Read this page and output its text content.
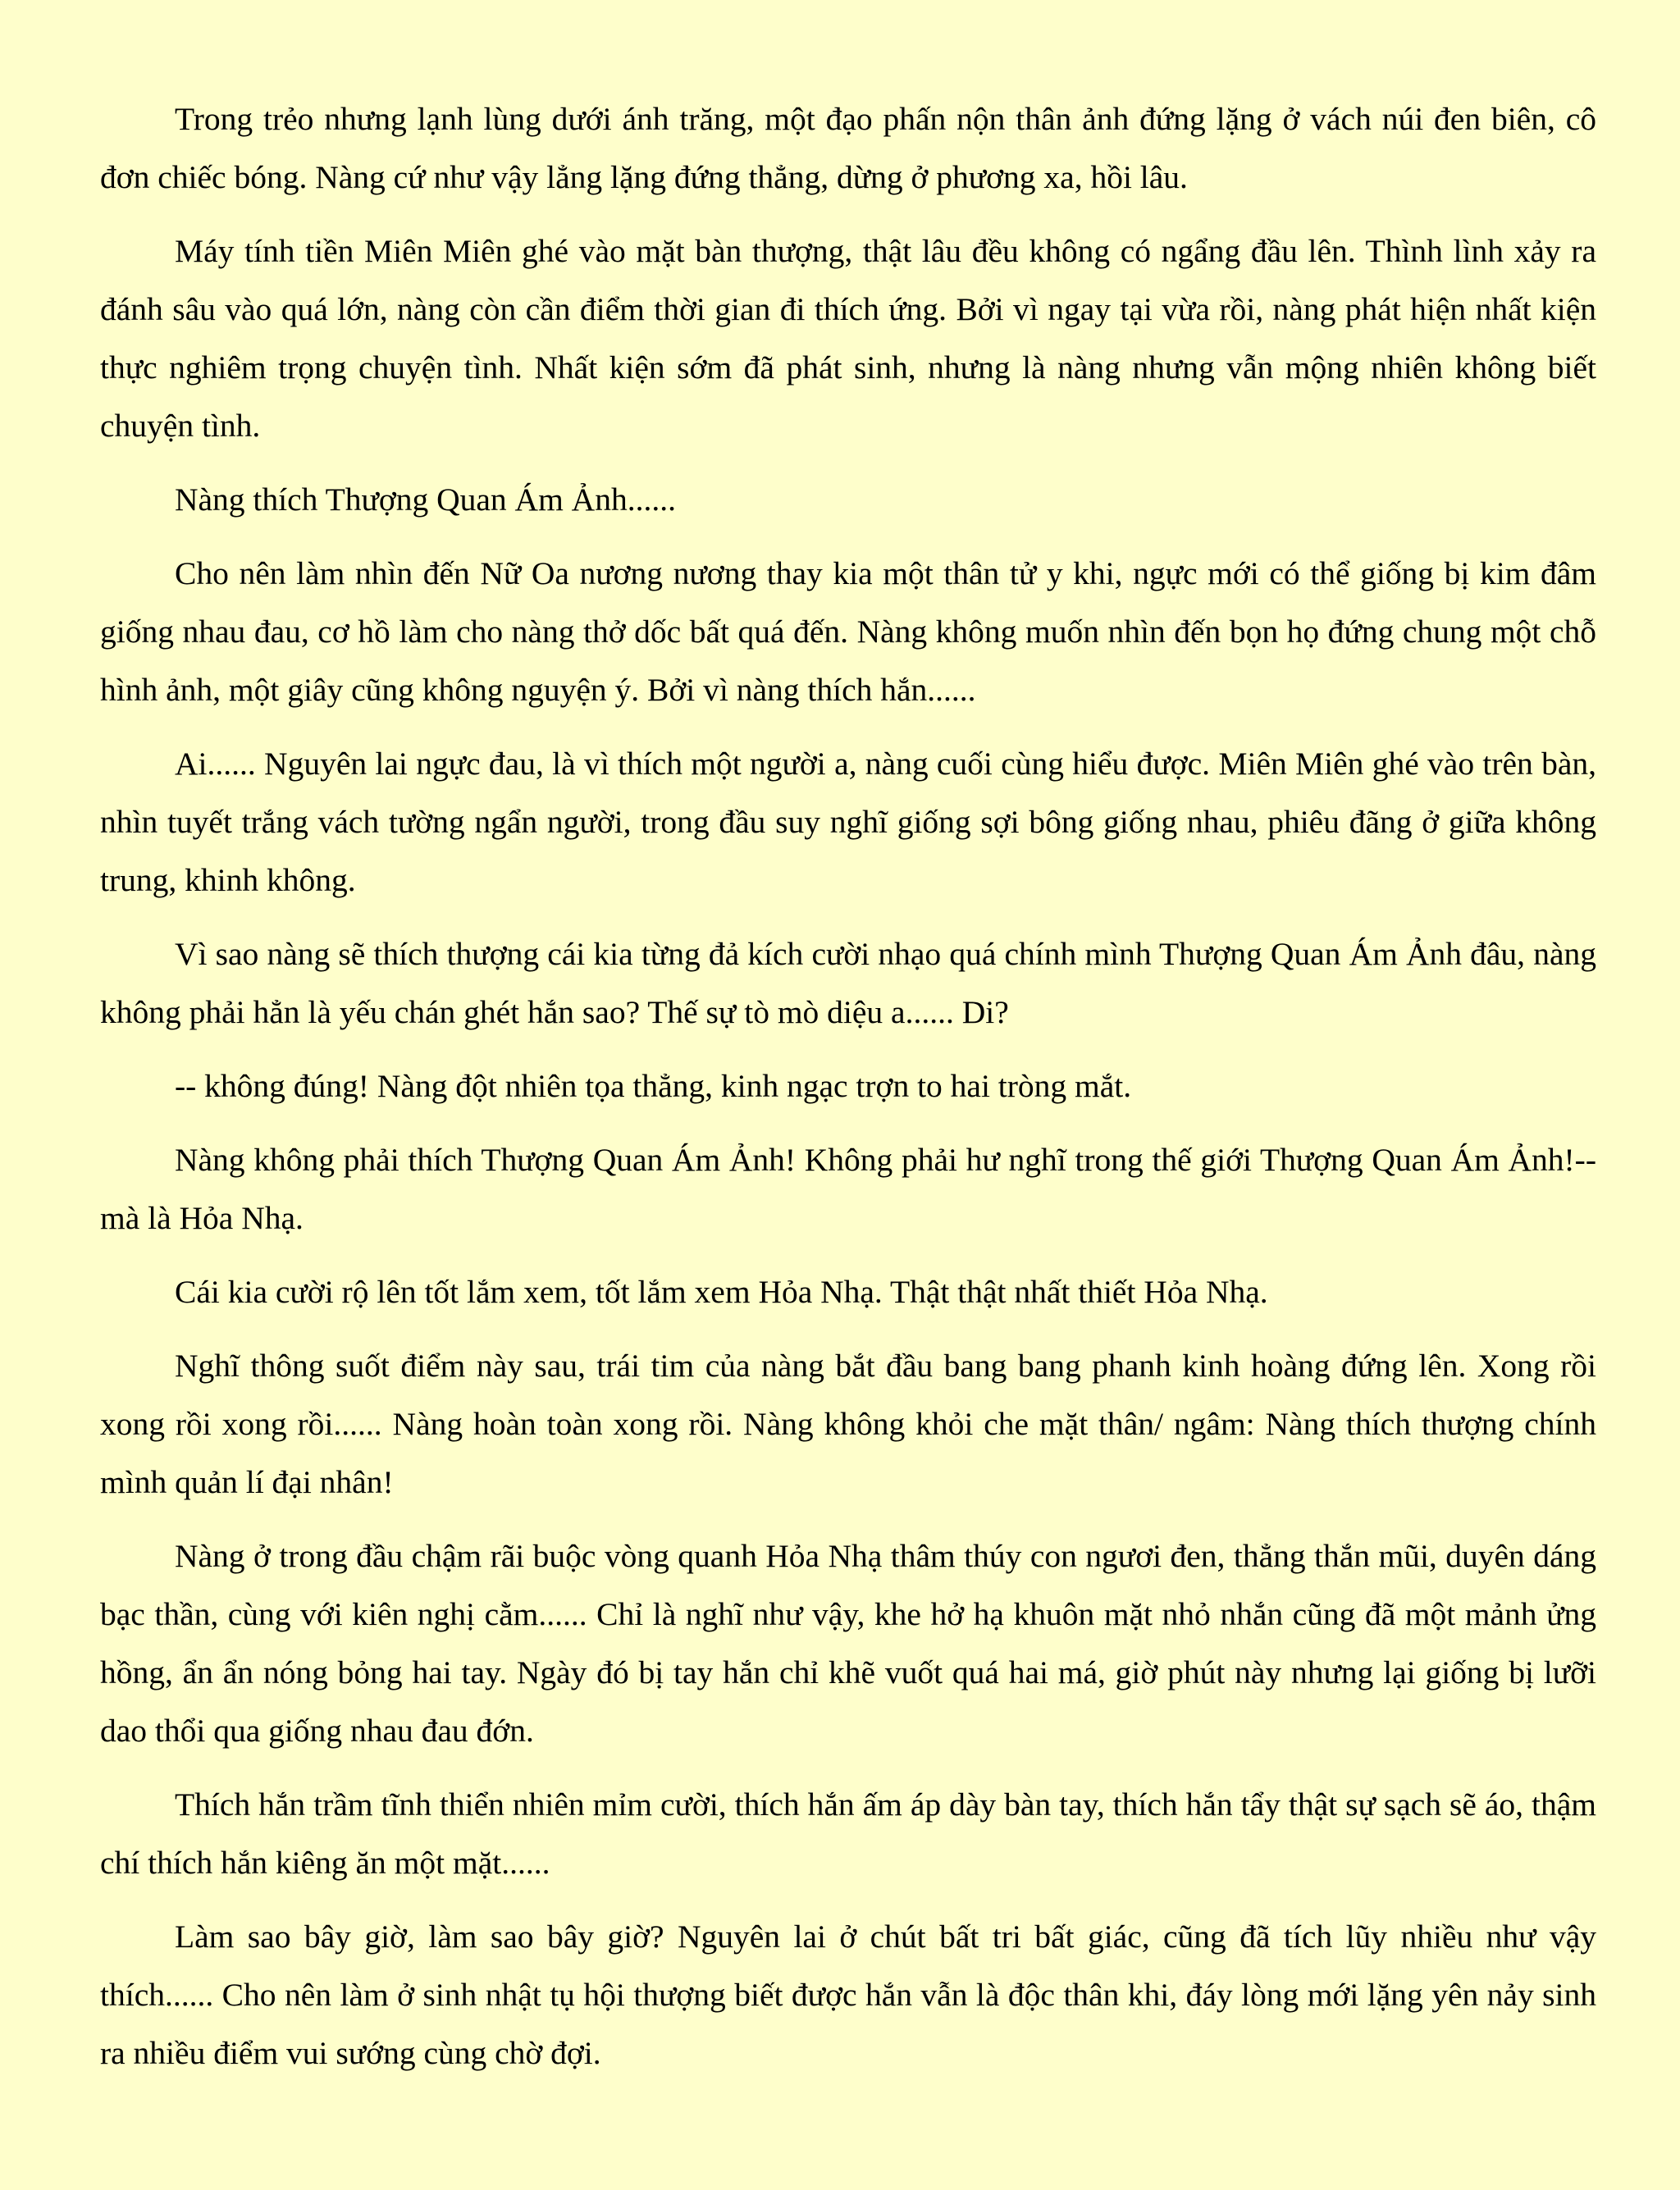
Trong trẻo nhưng lạnh lùng dưới ánh trăng, một đạo phấn nộn thân ảnh đứng lặng ở vách núi đen biên, cô đơn chiếc bóng. Nàng cứ như vậy lẳng lặng đứng thẳng, dừng ở phương xa, hồi lâu.

Máy tính tiền Miên Miên ghé vào mặt bàn thượng, thật lâu đều không có ngẩng đầu lên. Thình lình xảy ra đánh sâu vào quá lớn, nàng còn cần điểm thời gian đi thích ứng. Bởi vì ngay tại vừa rồi, nàng phát hiện nhất kiện thực nghiêm trọng chuyện tình. Nhất kiện sớm đã phát sinh, nhưng là nàng nhưng vẫn mộng nhiên không biết chuyện tình.

Nàng thích Thượng Quan Ám Ảnh......

Cho nên làm nhìn đến Nữ Oa nương nương thay kia một thân tử y khi, ngực mới có thể giống bị kim đâm giống nhau đau, cơ hồ làm cho nàng thở dốc bất quá đến. Nàng không muốn nhìn đến bọn họ đứng chung một chỗ hình ảnh, một giây cũng không nguyện ý. Bởi vì nàng thích hắn......

Ai...... Nguyên lai ngực đau, là vì thích một người a, nàng cuối cùng hiểu được. Miên Miên ghé vào trên bàn, nhìn tuyết trắng vách tường ngẩn người, trong đầu suy nghĩ giống sợi bông giống nhau, phiêu đãng ở giữa không trung, khinh không.

Vì sao nàng sẽ thích thượng cái kia từng đả kích cười nhạo quá chính mình Thượng Quan Ám Ảnh đâu, nàng không phải hẳn là yếu chán ghét hắn sao? Thế sự tò mò diệu a...... Di?

-- không đúng! Nàng đột nhiên tọa thẳng, kinh ngạc trợn to hai tròng mắt.

Nàng không phải thích Thượng Quan Ám Ảnh! Không phải hư nghĩ trong thế giới Thượng Quan Ám Ảnh!-- mà là Hỏa Nhạ.

Cái kia cười rộ lên tốt lắm xem, tốt lắm xem Hỏa Nhạ. Thật thật nhất thiết Hỏa Nhạ.

Nghĩ thông suốt điểm này sau, trái tim của nàng bắt đầu bang bang phanh kinh hoàng đứng lên. Xong rồi xong rồi xong rồi...... Nàng hoàn toàn xong rồi. Nàng không khỏi che mặt thân/ ngâm: Nàng thích thượng chính mình quản lí đại nhân!

Nàng ở trong đầu chậm rãi buộc vòng quanh Hỏa Nhạ thâm thúy con ngươi đen, thẳng thắn mũi, duyên dáng bạc thần, cùng với kiên nghị cằm...... Chỉ là nghĩ như vậy, khe hở hạ khuôn mặt nhỏ nhắn cũng đã một mảnh ửng hồng, ẩn ẩn nóng bỏng hai tay. Ngày đó bị tay hắn chỉ khẽ vuốt quá hai má, giờ phút này nhưng lại giống bị lưỡi dao thổi qua giống nhau đau đớn.

Thích hắn trầm tĩnh thiển nhiên mỉm cười, thích hắn ấm áp dày bàn tay, thích hắn tẩy thật sự sạch sẽ áo, thậm chí thích hắn kiêng ăn một mặt......

Làm sao bây giờ, làm sao bây giờ? Nguyên lai ở chút bất tri bất giác, cũng đã tích lũy nhiều như vậy thích...... Cho nên làm ở sinh nhật tụ hội thượng biết được hắn vẫn là độc thân khi, đáy lòng mới lặng yên nảy sinh ra nhiều điểm vui sướng cùng chờ đợi.
